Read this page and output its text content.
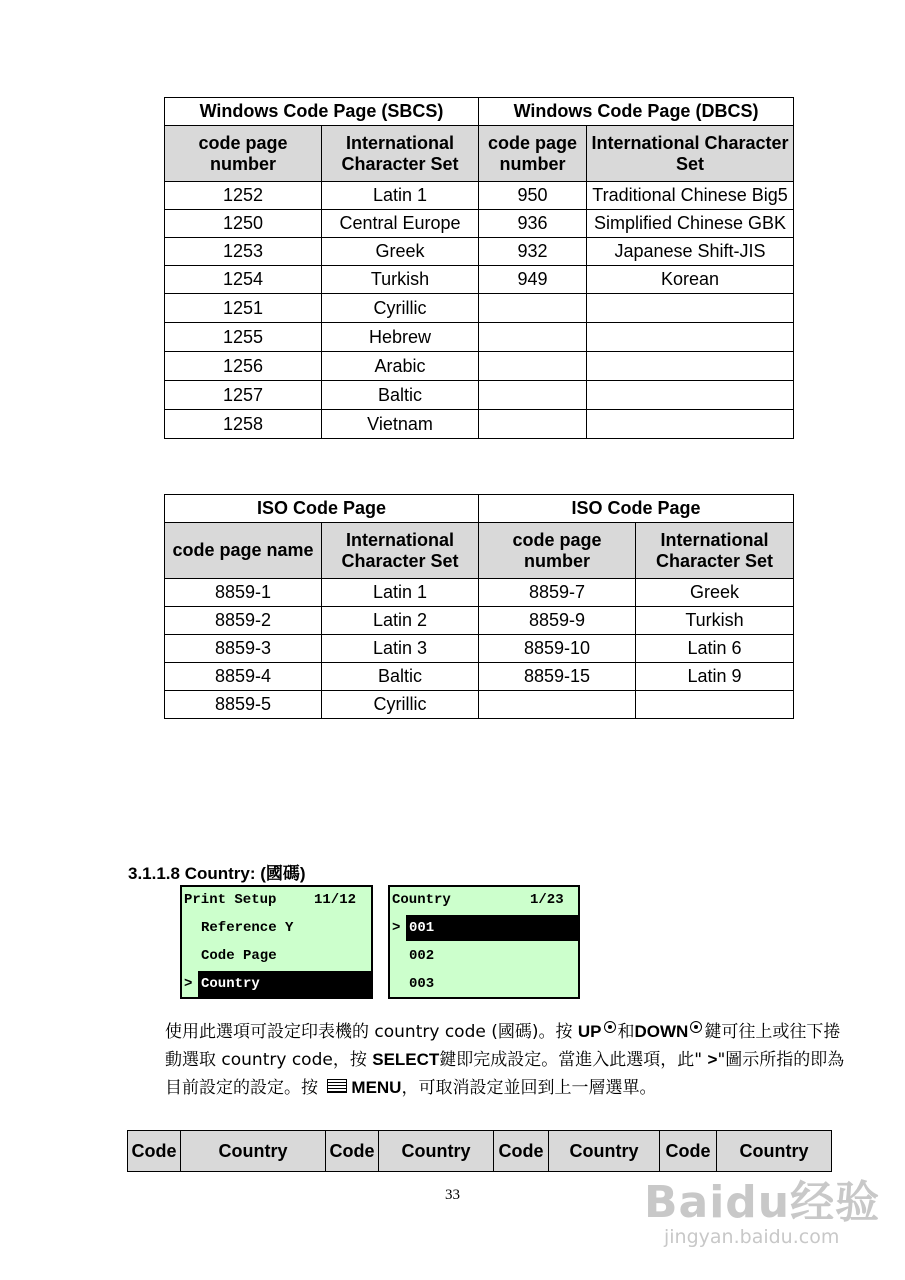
Windows Code Page (SBCS)		Windows Code Page (DBCS)	
code page number	International Character Set	code page number	International Character Set
1252	Latin 1	950	Traditional Chinese Big5
1250	Central Europe	936	Simplified Chinese GBK
1253	Greek	932	Japanese Shift-JIS
1254	Turkish	949	Korean
1251	Cyrillic		
1255	Hebrew		
1256	Arabic		
1257	Baltic		
1258	Vietnam		
ISO Code Page		ISO Code Page	
code page name	International Character Set	code page number	International Character Set
8859-1	Latin 1	8859-7	Greek
8859-2	Latin 2	8859-9	Turkish
8859-3	Latin 3	8859-10	Latin 6
8859-4	Baltic	8859-15	Latin 9
8859-5	Cyrillic		
3.1.1.8 Country: (國碼)
Print Setup	11/12
Reference Y
Code Page
> Country
Country	1/23
> 001
002
003
使用此選項可設定印表機的 country code (國碼)。按 UP 和DOWN 鍵可往上或往下捲動選取 country code，按 SELECT鍵即完成設定。當進入此選項，此" >"圖示所指的即為目前設定的設定。按 MENU，可取消設定並回到上一層選單。
Code	Country	Code	Country	Code	Country	Code	Country
33	Baidu经验
jingyan.baidu.com
